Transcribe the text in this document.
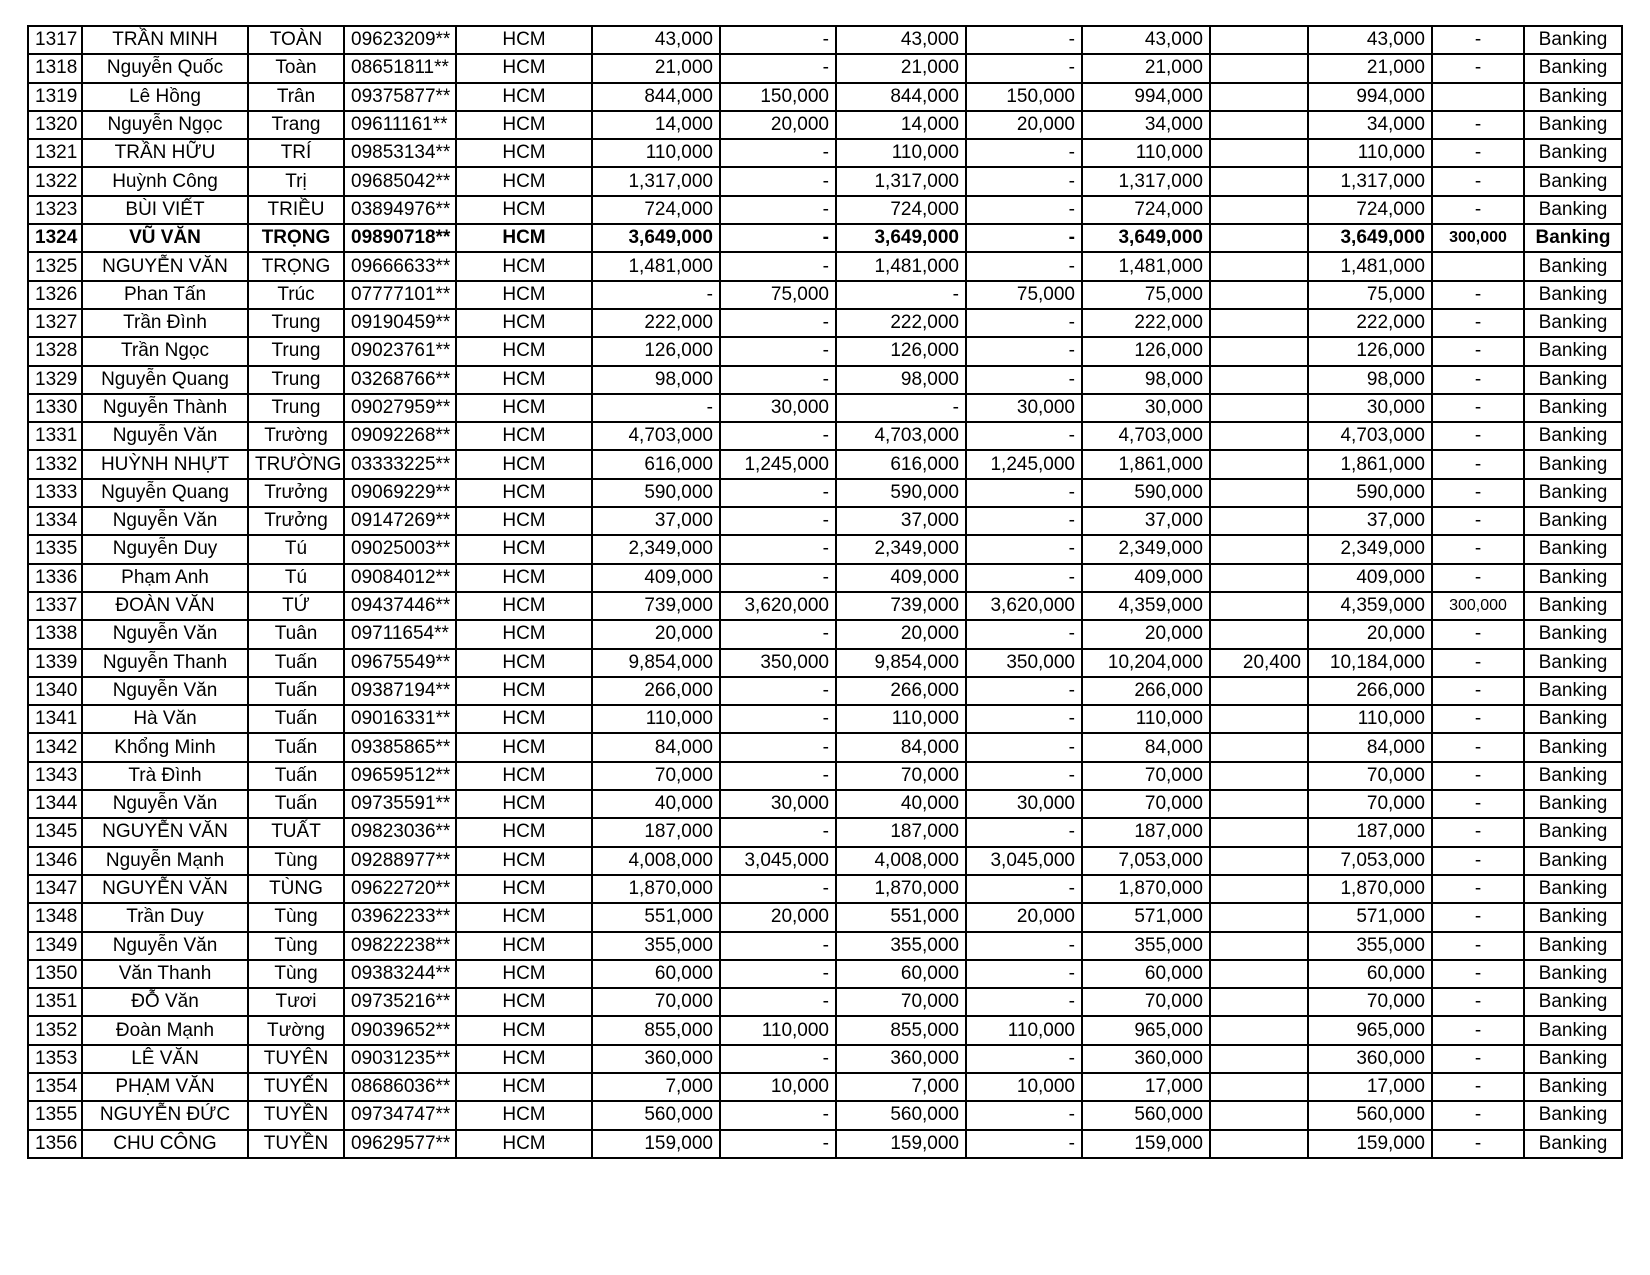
1317	TRẦN MINH	TOÀN	09623209**	HCM	43,000	-	43,000	-	43,000		43,000	-	Banking
1318	Nguyễn Quốc	Toàn	08651811**	HCM	21,000	-	21,000	-	21,000		21,000	-	Banking
1319	Lê Hồng	Trân	09375877**	HCM	844,000	150,000	844,000	150,000	994,000		994,000		Banking
1320	Nguyễn Ngọc	Trang	09611161**	HCM	14,000	20,000	14,000	20,000	34,000		34,000	-	Banking
1321	TRẦN HỮU	TRÍ	09853134**	HCM	110,000	-	110,000	-	110,000		110,000	-	Banking
1322	Huỳnh Công	Trị	09685042**	HCM	1,317,000	-	1,317,000	-	1,317,000		1,317,000	-	Banking
1323	BÙI VIẾT	TRIỀU	03894976**	HCM	724,000	-	724,000	-	724,000		724,000	-	Banking
1324	VŨ VĂN	TRỌNG	09890718**	HCM	3,649,000	-	3,649,000	-	3,649,000		3,649,000	300,000	Banking
1325	NGUYỄN VĂN	TRỌNG	09666633**	HCM	1,481,000	-	1,481,000	-	1,481,000		1,481,000		Banking
1326	Phan Tấn	Trúc	07777101**	HCM	-	75,000	-	75,000	75,000		75,000	-	Banking
1327	Trần Đình	Trung	09190459**	HCM	222,000	-	222,000	-	222,000		222,000	-	Banking
1328	Trần Ngọc	Trung	09023761**	HCM	126,000	-	126,000	-	126,000		126,000	-	Banking
1329	Nguyễn Quang	Trung	03268766**	HCM	98,000	-	98,000	-	98,000		98,000	-	Banking
1330	Nguyễn Thành	Trung	09027959**	HCM	-	30,000	-	30,000	30,000		30,000	-	Banking
1331	Nguyễn Văn	Trường	09092268**	HCM	4,703,000	-	4,703,000	-	4,703,000		4,703,000	-	Banking
1332	HUỲNH NHỰT	TRƯỜNG	03333225**	HCM	616,000	1,245,000	616,000	1,245,000	1,861,000		1,861,000	-	Banking
1333	Nguyễn Quang	Trưởng	09069229**	HCM	590,000	-	590,000	-	590,000		590,000	-	Banking
1334	Nguyễn Văn	Trưởng	09147269**	HCM	37,000	-	37,000	-	37,000		37,000	-	Banking
1335	Nguyễn Duy	Tú	09025003**	HCM	2,349,000	-	2,349,000	-	2,349,000		2,349,000	-	Banking
1336	Phạm Anh	Tú	09084012**	HCM	409,000	-	409,000	-	409,000		409,000	-	Banking
1337	ĐOÀN VĂN	TỨ	09437446**	HCM	739,000	3,620,000	739,000	3,620,000	4,359,000		4,359,000	300,000	Banking
1338	Nguyễn Văn	Tuân	09711654**	HCM	20,000	-	20,000	-	20,000		20,000	-	Banking
1339	Nguyễn Thanh	Tuấn	09675549**	HCM	9,854,000	350,000	9,854,000	350,000	10,204,000	20,400	10,184,000	-	Banking
1340	Nguyễn Văn	Tuấn	09387194**	HCM	266,000	-	266,000	-	266,000		266,000	-	Banking
1341	Hà Văn	Tuấn	09016331**	HCM	110,000	-	110,000	-	110,000		110,000	-	Banking
1342	Khổng Minh	Tuấn	09385865**	HCM	84,000	-	84,000	-	84,000		84,000	-	Banking
1343	Trà Đình	Tuấn	09659512**	HCM	70,000	-	70,000	-	70,000		70,000	-	Banking
1344	Nguyễn Văn	Tuấn	09735591**	HCM	40,000	30,000	40,000	30,000	70,000		70,000	-	Banking
1345	NGUYỄN VĂN	TUẤT	09823036**	HCM	187,000	-	187,000	-	187,000		187,000	-	Banking
1346	Nguyễn Mạnh	Tùng	09288977**	HCM	4,008,000	3,045,000	4,008,000	3,045,000	7,053,000		7,053,000	-	Banking
1347	NGUYỄN VĂN	TÙNG	09622720**	HCM	1,870,000	-	1,870,000	-	1,870,000		1,870,000	-	Banking
1348	Trần Duy	Tùng	03962233**	HCM	551,000	20,000	551,000	20,000	571,000		571,000	-	Banking
1349	Nguyễn Văn	Tùng	09822238**	HCM	355,000	-	355,000	-	355,000		355,000	-	Banking
1350	Văn Thanh	Tùng	09383244**	HCM	60,000	-	60,000	-	60,000		60,000	-	Banking
1351	ĐỖ Văn	Tươi	09735216**	HCM	70,000	-	70,000	-	70,000		70,000	-	Banking
1352	Đoàn Mạnh	Tường	09039652**	HCM	855,000	110,000	855,000	110,000	965,000		965,000	-	Banking
1353	LÊ VĂN	TUYÊN	09031235**	HCM	360,000	-	360,000	-	360,000		360,000	-	Banking
1354	PHẠM VĂN	TUYẾN	08686036**	HCM	7,000	10,000	7,000	10,000	17,000		17,000	-	Banking
1355	NGUYỄN ĐỨC	TUYỀN	09734747**	HCM	560,000	-	560,000	-	560,000		560,000	-	Banking
1356	CHU CÔNG	TUYỀN	09629577**	HCM	159,000	-	159,000	-	159,000		159,000	-	Banking
